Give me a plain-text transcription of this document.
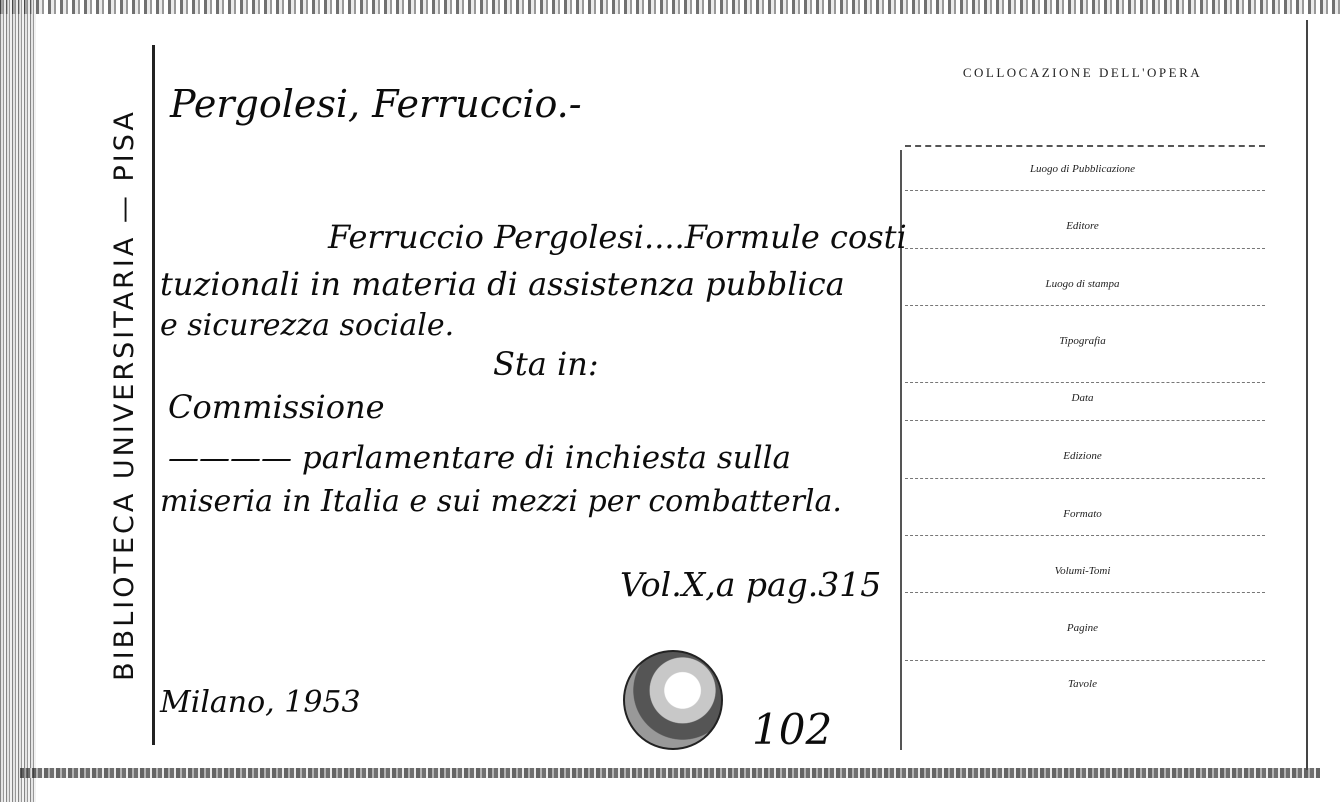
BIBLIOTECA UNIVERSITARIA — PISA
Pergolesi, Ferruccio.-
Ferruccio Pergolesi....Formule costi
tuzionali in materia di assistenza pubblica
e sicurezza sociale.
Sta in:
Commissione
———— parlamentare di inchiesta sulla
miseria in Italia e sui mezzi per combatterla.
Vol.X,a pag.315
Milano, 1953
102
COLLOCAZIONE DELL'OPERA
Luogo di Pubblicazione
Editore
Luogo di stampa
Tipografia
Data
Edizione
Formato
Volumi-Tomi
Pagine
Tavole
